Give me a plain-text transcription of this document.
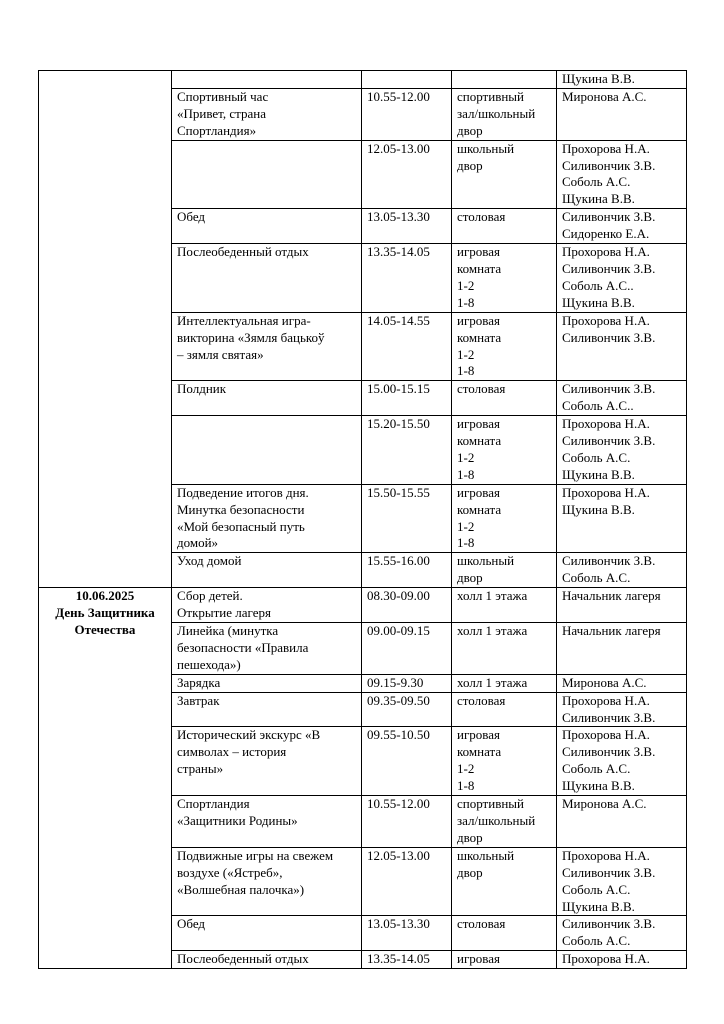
				Щукина В.В.
	Спортивный час
«Привет, страна
Спортландия»	10.55-12.00	спортивный
зал/школьный
двор	Миронова А.С.
		12.05-13.00	школьный
двор	Прохорова Н.А.
Силивончик З.В.
Соболь А.С.
Щукина В.В.
	Обед	13.05-13.30	столовая	Силивончик З.В.
Сидоренко Е.А.
	Послеобеденный отдых	13.35-14.05	игровая
комната
1-2
1-8	Прохорова Н.А.
Силивончик З.В.
Соболь А.С..
Щукина В.В.
	Интеллектуальная игра-
викторина «Зямля бацькоў
– зямля святая»	14.05-14.55	игровая
комната
1-2
1-8	Прохорова Н.А.
Силивончик З.В.
	Полдник	15.00-15.15	столовая	Силивончик З.В.
Соболь А.С..
		15.20-15.50	игровая
комната
1-2
1-8	Прохорова Н.А.
Силивончик З.В.
Соболь А.С.
Щукина В.В.
	Подведение итогов дня.
Минутка безопасности
«Мой безопасный путь
домой»	15.50-15.55	игровая
комната
1-2
1-8	Прохорова Н.А.
Щукина В.В.
	Уход домой	15.55-16.00	школьный
двор	Силивончик З.В.
Соболь А.С.

10.06.2025
День Защитника
Отечества	Сбор детей.
Открытие лагеря	08.30-09.00	холл 1 этажа	Начальник лагеря
	Линейка (минутка
безопасности «Правила
пешехода»)	09.00-09.15	холл 1 этажа	Начальник лагеря
	Зарядка	09.15-9.30	холл 1 этажа	Миронова А.С.
	Завтрак	09.35-09.50	столовая	Прохорова Н.А.
Силивончик З.В.
	Исторический экскурс «В
символах – история
страны»	09.55-10.50	игровая
комната
1-2
1-8	Прохорова Н.А.
Силивончик З.В.
Соболь А.С.
Щукина В.В.
	Спортландия
«Защитники Родины»	10.55-12.00	спортивный
зал/школьный
двор	Миронова А.С.
	Подвижные игры на свежем
воздухе («Ястреб»,
«Волшебная палочка»)	12.05-13.00	школьный
двор	Прохорова Н.А.
Силивончик З.В.
Соболь А.С.
Щукина В.В.
	Обед	13.05-13.30	столовая	Силивончик З.В.
Соболь А.С.
	Послеобеденный отдых	13.35-14.05	игровая	Прохорова Н.А.
